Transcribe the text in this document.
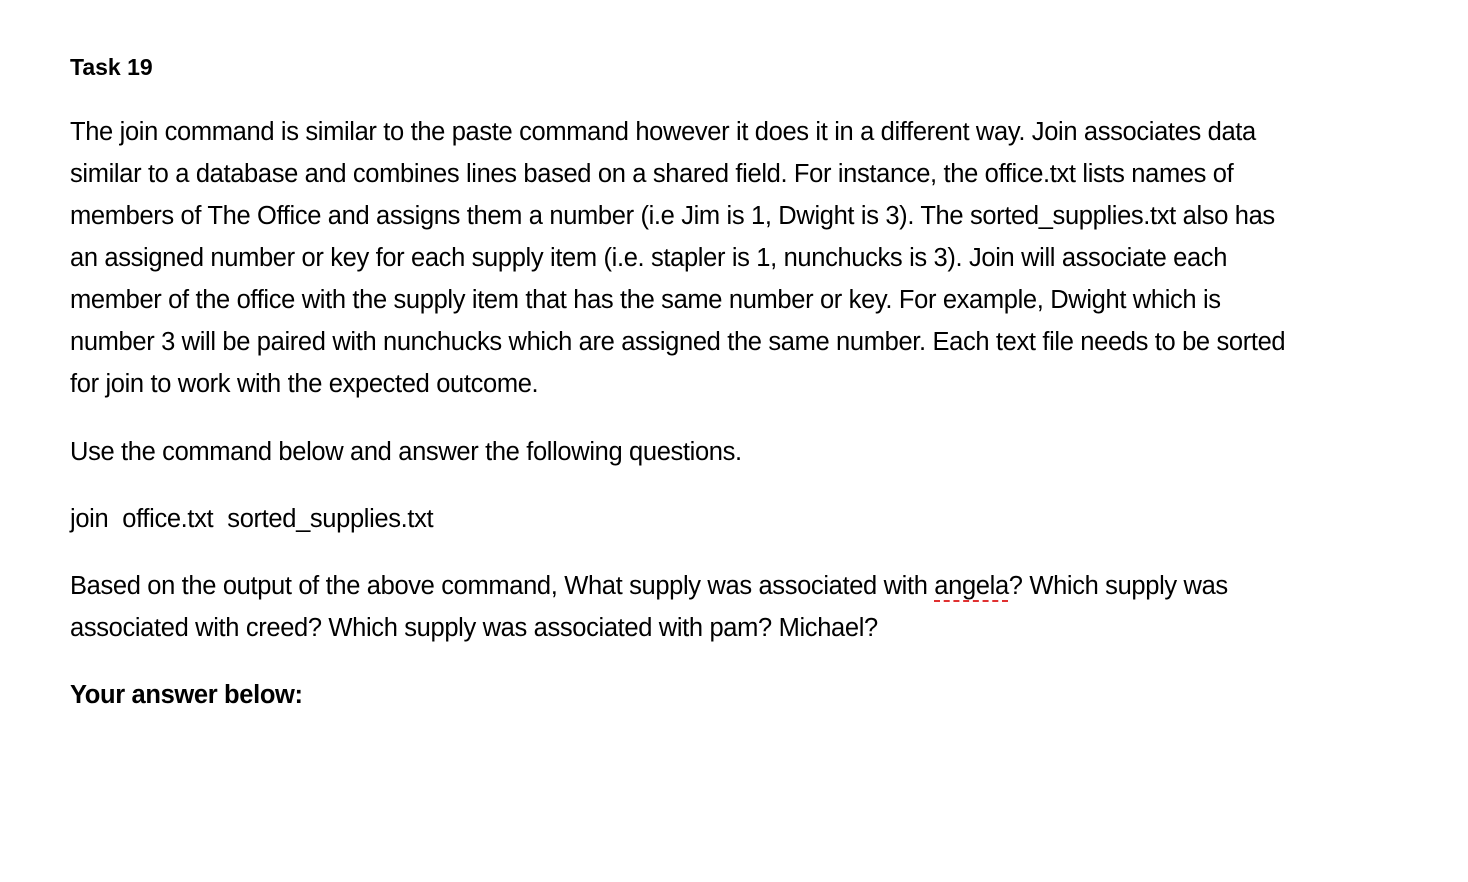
Task 19

The join command is similar to the paste command however it does it in a different way. Join associates data
similar to a database and combines lines based on a shared field. For instance, the office.txt lists names of
members of The Office and assigns them a number (i.e Jim is 1, Dwight is 3). The sorted_supplies.txt also has
an assigned number or key for each supply item (i.e. stapler is 1, nunchucks is 3). Join will associate each
member of the office with the supply item that has the same number or key. For example, Dwight which is
number 3 will be paired with nunchucks which are assigned the same number. Each text file needs to be sorted
for join to work with the expected outcome.

Use the command below and answer the following questions.

join office.txt sorted_supplies.txt

Based on the output of the above command, What supply was associated with angela? Which supply was
associated with creed? Which supply was associated with pam? Michael?

Your answer below:
